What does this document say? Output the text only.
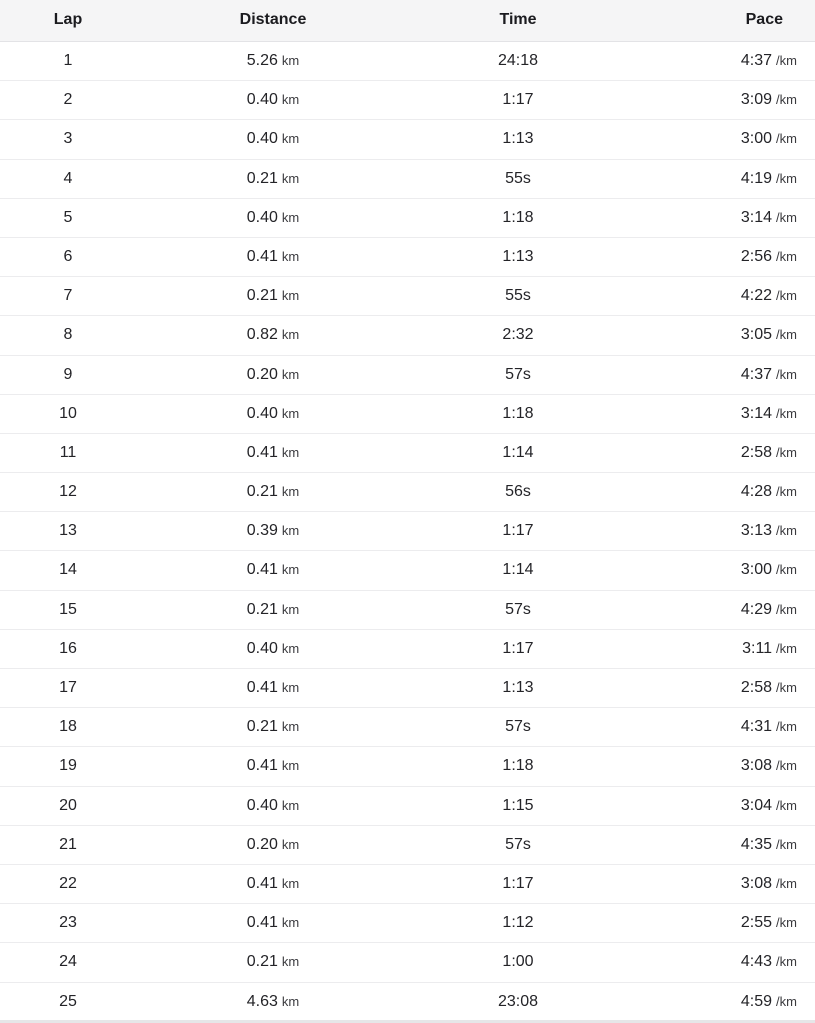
Lap	Distance	Time	Pace
1	5.26 km	24:18	4:37 /km
2	0.40 km	1:17	3:09 /km
3	0.40 km	1:13	3:00 /km
4	0.21 km	55s	4:19 /km
5	0.40 km	1:18	3:14 /km
6	0.41 km	1:13	2:56 /km
7	0.21 km	55s	4:22 /km
8	0.82 km	2:32	3:05 /km
9	0.20 km	57s	4:37 /km
10	0.40 km	1:18	3:14 /km
11	0.41 km	1:14	2:58 /km
12	0.21 km	56s	4:28 /km
13	0.39 km	1:17	3:13 /km
14	0.41 km	1:14	3:00 /km
15	0.21 km	57s	4:29 /km
16	0.40 km	1:17	3:11 /km
17	0.41 km	1:13	2:58 /km
18	0.21 km	57s	4:31 /km
19	0.41 km	1:18	3:08 /km
20	0.40 km	1:15	3:04 /km
21	0.20 km	57s	4:35 /km
22	0.41 km	1:17	3:08 /km
23	0.41 km	1:12	2:55 /km
24	0.21 km	1:00	4:43 /km
25	4.63 km	23:08	4:59 /km
